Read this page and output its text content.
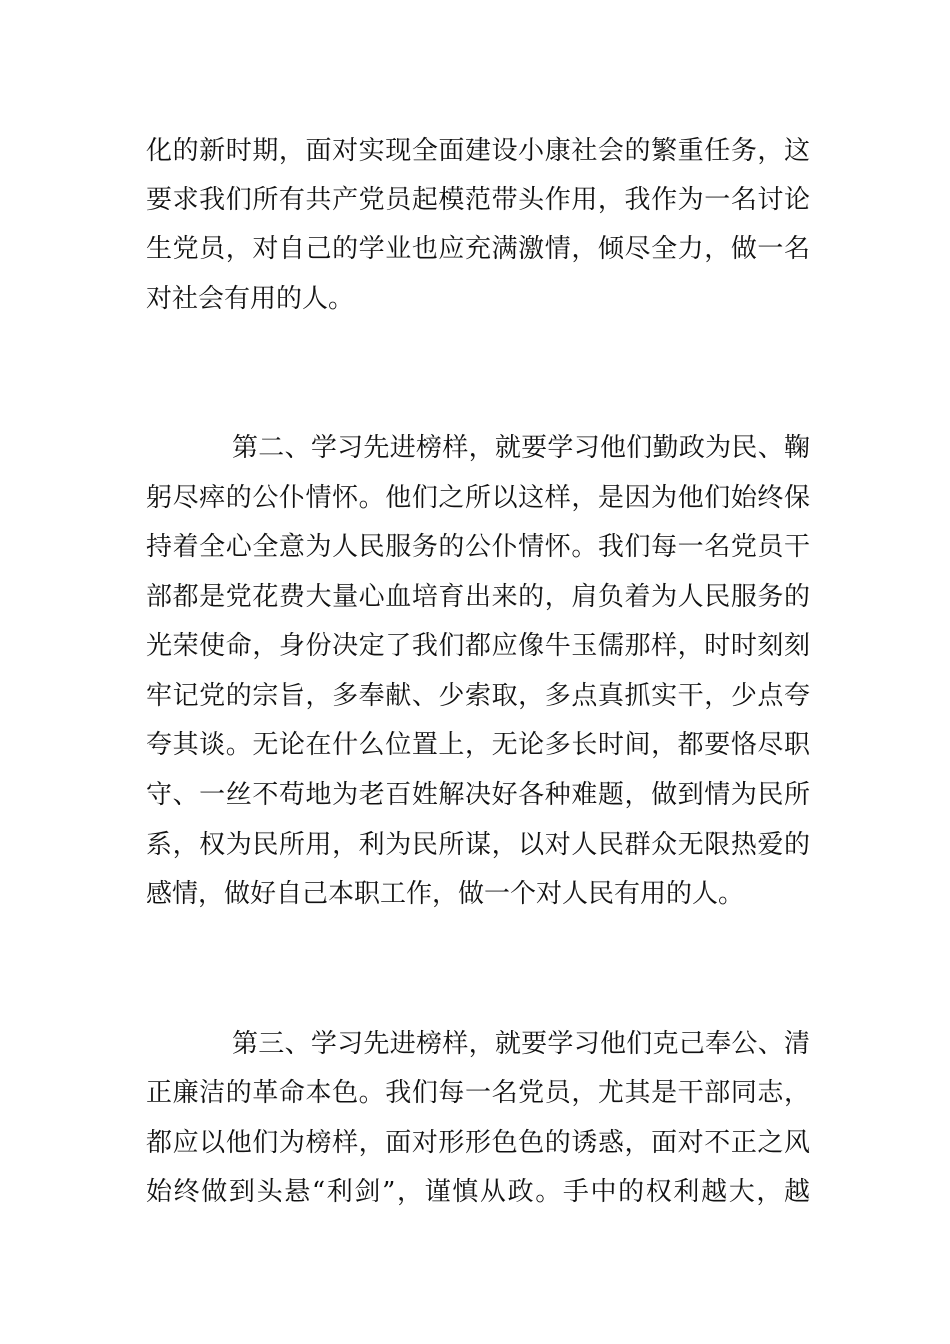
化的新时期，面对实现全面建设小康社会的繁重任务，这
要求我们所有共产党员起模范带头作用，我作为一名讨论
生党员，对自己的学业也应充满激情，倾尽全力，做一名
对社会有用的人。
第二、学习先进榜样，就要学习他们勤政为民、鞠
躬尽瘁的公仆情怀。他们之所以这样，是因为他们始终保
持着全心全意为人民服务的公仆情怀。我们每一名党员干
部都是党花费大量心血培育出来的，肩负着为人民服务的
光荣使命，身份决定了我们都应像牛玉儒那样，时时刻刻
牢记党的宗旨，多奉献、少索取，多点真抓实干，少点夸
夸其谈。无论在什么位置上，无论多长时间，都要恪尽职
守、一丝不苟地为老百姓解决好各种难题，做到情为民所
系，权为民所用，利为民所谋，以对人民群众无限热爱的
感情，做好自己本职工作，做一个对人民有用的人。
第三、学习先进榜样，就要学习他们克己奉公、清
正廉洁的革命本色。我们每一名党员，尤其是干部同志，
都应以他们为榜样，面对形形色色的诱惑，面对不正之风
始终做到头悬“利剑”，谨慎从政。手中的权利越大，越
